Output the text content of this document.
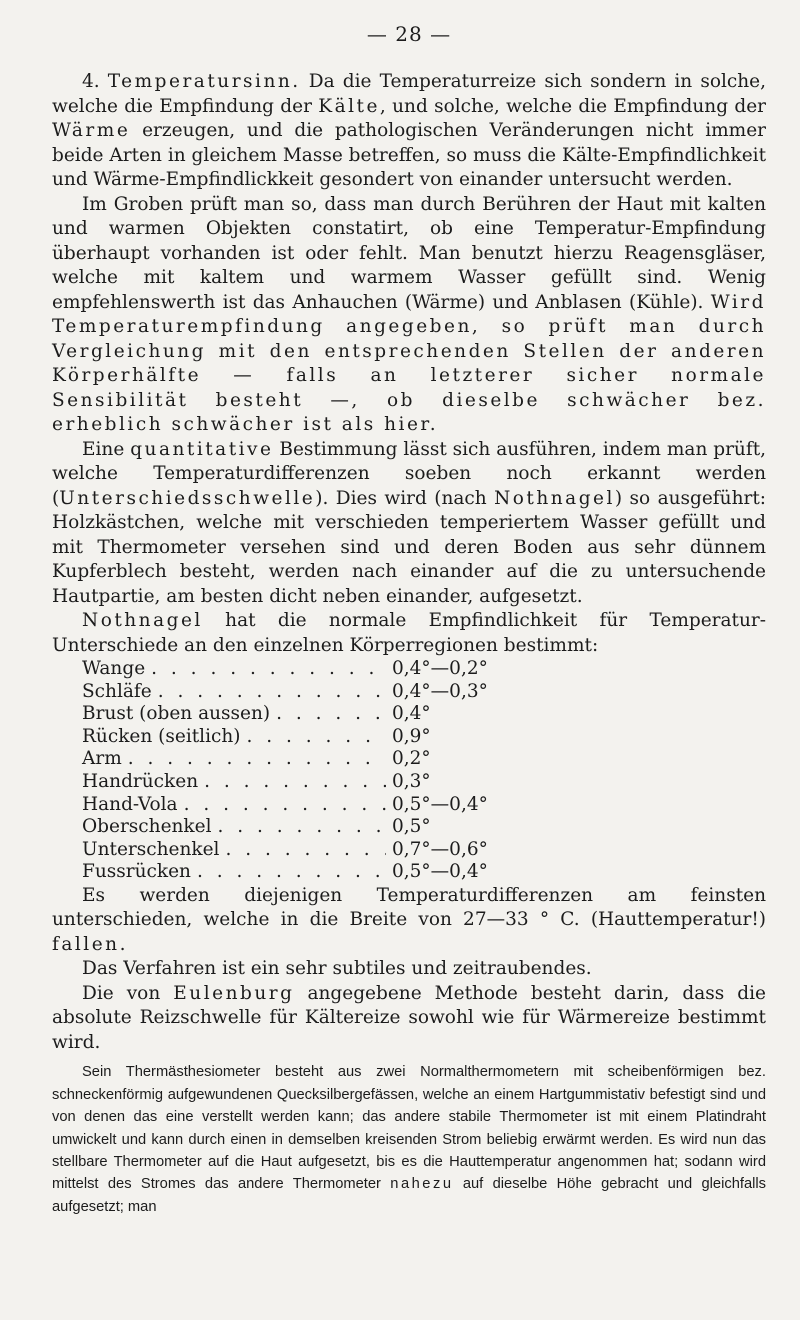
— 28 —

4. Temperatursinn. Da die Temperaturreize sich sondern in solche, welche die Empfindung der Kälte, und solche, welche die Empfindung der Wärme erzeugen, und die pathologischen Veränderungen nicht immer beide Arten in gleichem Masse betreffen, so muss die Kälte-Empfindlichkeit und Wärme-Empfindlickkeit gesondert von einander untersucht werden.

Im Groben prüft man so, dass man durch Berühren der Haut mit kalten und warmen Objekten constatirt, ob eine Temperatur-Empfindung überhaupt vorhanden ist oder fehlt. Man benutzt hierzu Reagensgläser, welche mit kaltem und warmem Wasser gefüllt sind. Wenig empfehlenswerth ist das Anhauchen (Wärme) und Anblasen (Kühle). Wird Temperaturempfindung angegeben, so prüft man durch Vergleichung mit den entsprechenden Stellen der anderen Körperhälfte — falls an letzterer sicher normale Sensibilität besteht —, ob dieselbe schwächer bez. erheblich schwächer ist als hier.

Eine quantitative Bestimmung lässt sich ausführen, indem man prüft, welche Temperaturdifferenzen soeben noch erkannt werden (Unterschiedsschwelle). Dies wird (nach Nothnagel) so ausgeführt: Holzkästchen, welche mit verschieden temperiertem Wasser gefüllt und mit Thermometer versehen sind und deren Boden aus sehr dünnem Kupferblech besteht, werden nach einander auf die zu untersuchende Hautpartie, am besten dicht neben einander, aufgesetzt.

Nothnagel hat die normale Empfindlichkeit für Temperatur-Unterschiede an den einzelnen Körperregionen bestimmt:

Wange . . .	0,4°—0,2°
Schläfe . . .	0,4°—0,3°
Brust (oben aussen) . . .	0,4°
Rücken (seitlich) . . .	0,9°
Arm . . .	0,2°
Handrücken . . .	0,3°
Hand-Vola . . .	0,5°—0,4°
Oberschenkel . . .	0,5°
Unterschenkel . . .	0,7°—0,6°
Fussrücken . . .	0,5°—0,4°

Es werden diejenigen Temperaturdifferenzen am feinsten unterschieden, welche in die Breite von 27—33 ° C. (Hauttemperatur!) fallen.

Das Verfahren ist ein sehr subtiles und zeitraubendes.

Die von Eulenburg angegebene Methode besteht darin, dass die absolute Reizschwelle für Kältereize sowohl wie für Wärmereize bestimmt wird.

Sein Thermästhesiometer besteht aus zwei Normalthermometern mit scheibenförmigen bez. schneckenförmig aufgewundenen Quecksilbergefässen, welche an einem Hartgummistativ befestigt sind und von denen das eine verstellt werden kann; das andere stabile Thermometer ist mit einem Platindraht umwickelt und kann durch einen in demselben kreisenden Strom beliebig erwärmt werden. Es wird nun das stellbare Thermometer auf die Haut aufgesetzt, bis es die Hauttemperatur angenommen hat; sodann wird mittelst des Stromes das andere Thermometer nahezu auf dieselbe Höhe gebracht und gleichfalls aufgesetzt; man
